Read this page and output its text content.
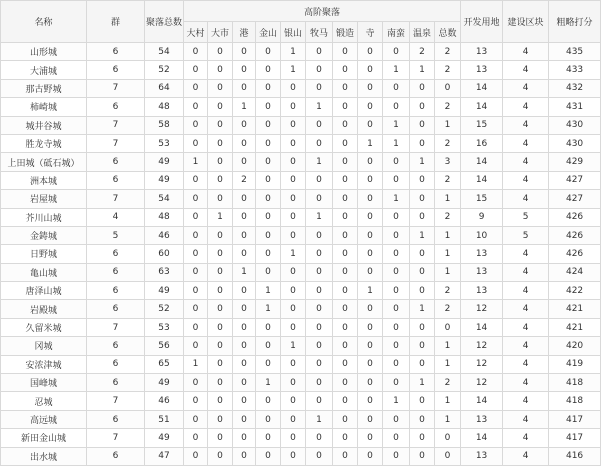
名称	群	聚落总数	高阶聚落											开发用地	建设区块	粗略打分
			大村	大市	港	金山	银山	牧马	锻造	寺	南蛮	温泉	总数			
山形城	6	54	0	0	0	0	1	0	0	0	0	2	2	13	4	435
大浦城	6	52	0	0	0	0	1	0	0	0	1	1	2	13	4	433
那古野城	7	64	0	0	0	0	0	0	0	0	0	0	0	14	4	432
柿崎城	6	48	0	0	1	0	0	1	0	0	0	0	2	14	4	431
城井谷城	7	58	0	0	0	0	0	0	0	0	1	0	1	15	4	430
胜龙寺城	7	53	0	0	0	0	0	0	0	1	1	0	2	16	4	430
上田城（砥石城）	6	49	1	0	0	0	0	1	0	0	0	1	3	14	4	429
洲本城	6	49	0	0	2	0	0	0	0	0	0	0	2	14	4	427
岩屋城	7	54	0	0	0	0	0	0	0	0	1	0	1	15	4	427
芥川山城	4	48	0	1	0	0	0	1	0	0	0	0	2	9	5	426
金鋳城	5	46	0	0	0	0	0	0	0	0	0	1	1	10	5	426
日野城	6	60	0	0	0	0	1	0	0	0	0	0	1	13	4	426
亀山城	6	63	0	0	1	0	0	0	0	0	0	0	1	13	4	424
唐泽山城	6	49	0	0	0	1	0	0	0	1	0	0	2	13	4	422
岩殿城	6	52	0	0	0	1	0	0	0	0	0	1	2	12	4	421
久留米城	7	53	0	0	0	0	0	0	0	0	0	0	0	14	4	421
冈城	6	56	0	0	0	0	1	0	0	0	0	0	1	12	4	420
安浓津城	6	65	1	0	0	0	0	0	0	0	0	0	1	12	4	419
国峰城	6	49	0	0	0	1	0	0	0	0	0	1	2	12	4	418
忍城	7	46	0	0	0	0	0	0	0	0	1	0	1	14	4	418
高远城	6	51	0	0	0	0	0	1	0	0	0	0	1	13	4	417
新田金山城	7	49	0	0	0	0	0	0	0	0	0	0	0	14	4	417
出水城	6	47	0	0	0	0	0	0	0	0	0	0	0	13	4	416
